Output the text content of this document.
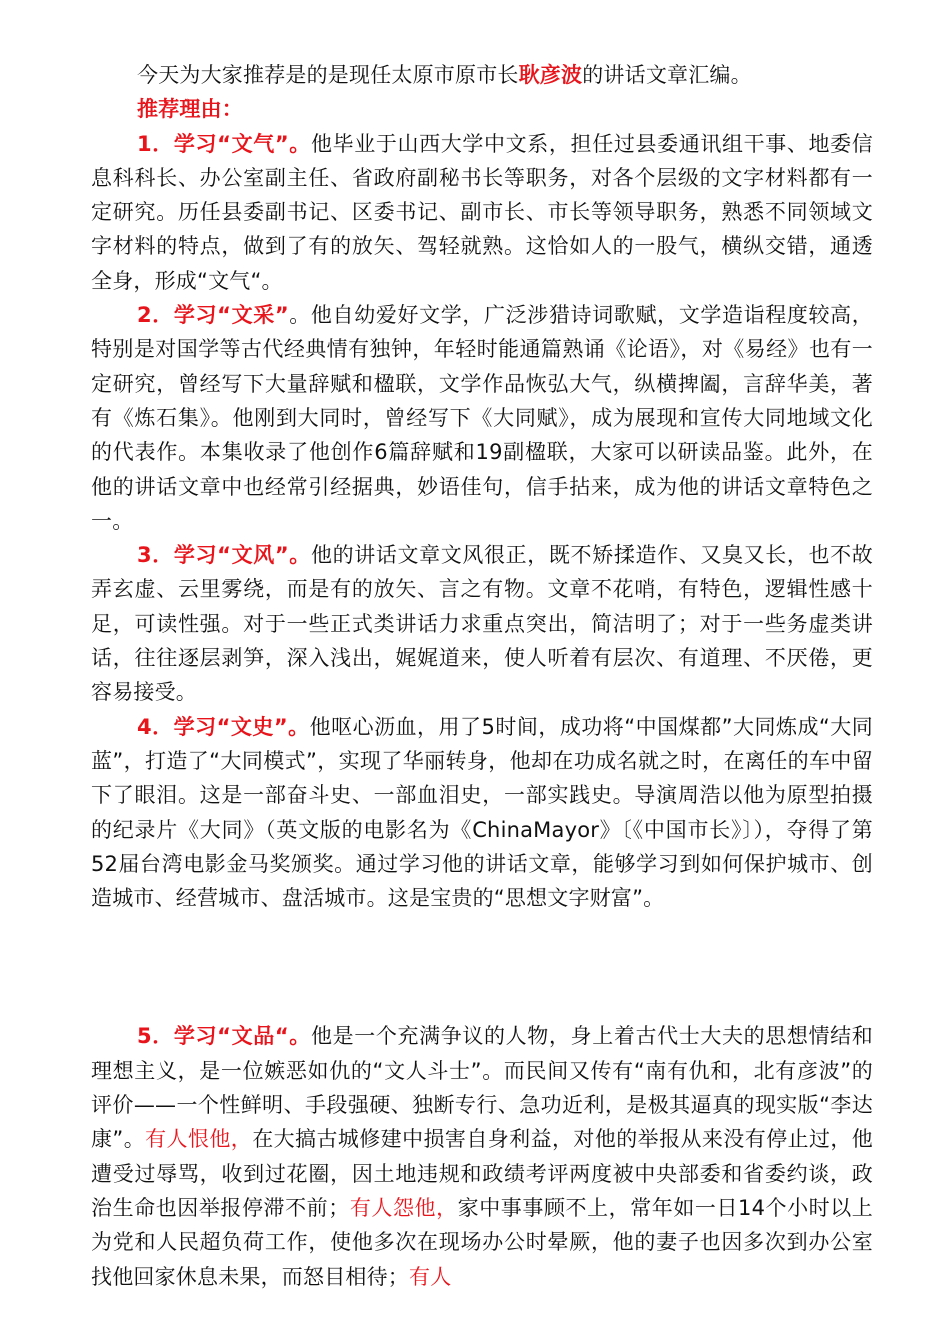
今天为大家推荐是的是现任太原市原市长耿彦波的讲话文章汇编。

推荐理由：

1．学习“文气”。他毕业于山西大学中文系，担任过县委通讯组干事、地委信息科科长、办公室副主任、省政府副秘书长等职务，对各个层级的文字材料都有一定研究。历任县委副书记、区委书记、副市长、市长等领导职务，熟悉不同领域文字材料的特点，做到了有的放矢、驾轻就熟。这恰如人的一股气，横纵交错，通透全身，形成“文气“。

2．学习“文采”。他自幼爱好文学，广泛涉猎诗词歌赋，文学造诣程度较高，特别是对国学等古代经典情有独钟，年轻时能通篇熟诵《论语》，对《易经》也有一定研究，曾经写下大量辞赋和楹联，文学作品恢弘大气，纵横捭阖，言辞华美，著有《炼石集》。他刚到大同时，曾经写下《大同赋》，成为展现和宣传大同地域文化的代表作。本集收录了他创作6篇辞赋和19副楹联，大家可以研读品鉴。此外，在他的讲话文章中也经常引经据典，妙语佳句，信手拈来，成为他的讲话文章特色之一。

3．学习“文风”。他的讲话文章文风很正，既不矫揉造作、又臭又长，也不故弄玄虚、云里雾绕，而是有的放矢、言之有物。文章不花哨，有特色，逻辑性感十足，可读性强。对于一些正式类讲话力求重点突出，简洁明了；对于一些务虚类讲话，往往逐层剥笋，深入浅出，娓娓道来，使人听着有层次、有道理、不厌倦，更容易接受。

4．学习“文史”。他呕心沥血，用了5时间，成功将“中国煤都”大同炼成“大同蓝”，打造了“大同模式”，实现了华丽转身，他却在功成名就之时，在离任的车中留下了眼泪。这是一部奋斗史、一部血泪史，一部实践史。导演周浩以他为原型拍摄的纪录片《大同》（英文版的电影名为《ChinaMayor》〔《中国市长》〕），夺得了第52届台湾电影金马奖颁奖。通过学习他的讲话文章，能够学习到如何保护城市、创造城市、经营城市、盘活城市。这是宝贵的“思想文字财富”。

5．学习“文品“。他是一个充满争议的人物，身上着古代士大夫的思想情结和理想主义，是一位嫉恶如仇的“文人斗士”。而民间又传有“南有仇和，北有彦波”的评价——一个性鲜明、手段强硬、独断专行、急功近利，是极其逼真的现实版“李达康”。有人恨他，在大搞古城修建中损害自身利益，对他的举报从来没有停止过，他遭受过辱骂，收到过花圈，因土地违规和政绩考评两度被中央部委和省委约谈，政治生命也因举报停滞不前；有人怨他，家中事事顾不上，常年如一日14个小时以上为党和人民超负荷工作，使他多次在现场办公时晕厥，他的妻子也因多次到办公室找他回家休息未果，而怒目相待；有人
